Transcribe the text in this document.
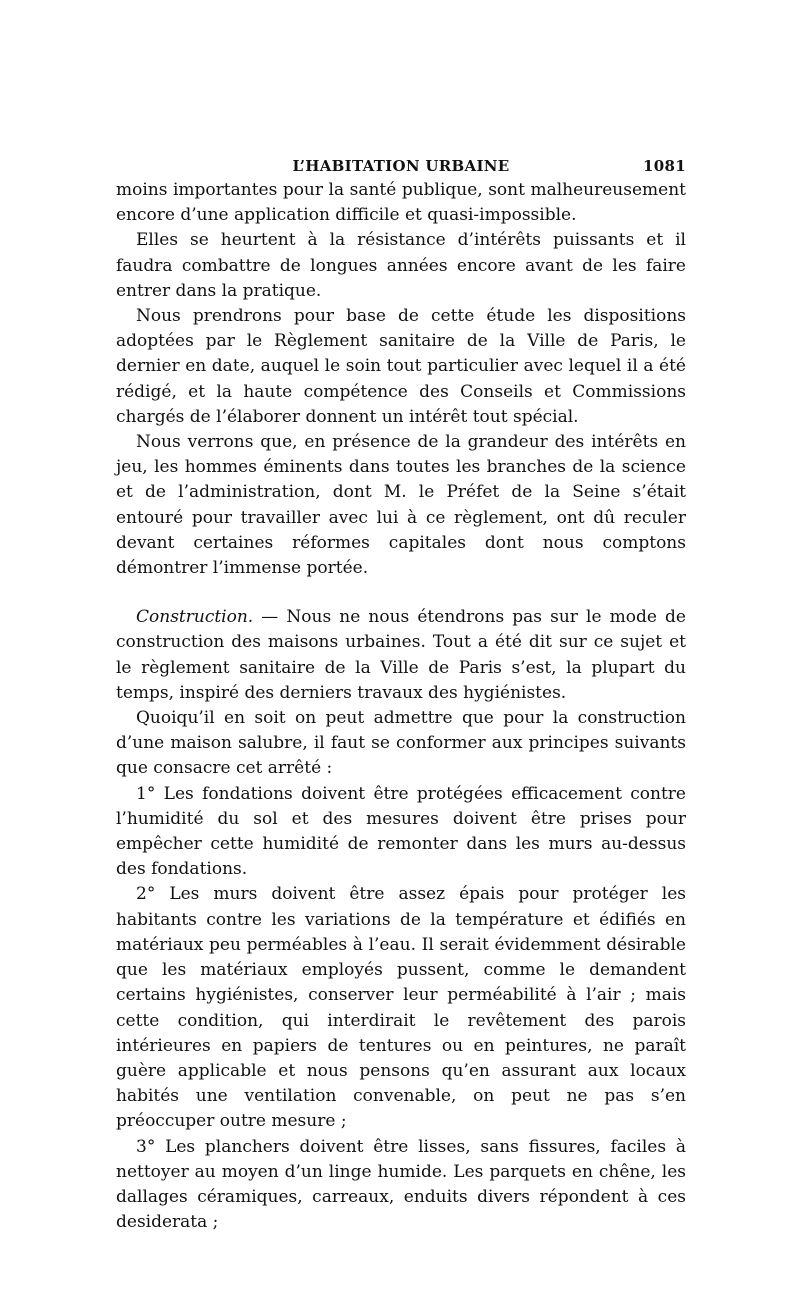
L’HABITATION URBAINE	1081

moins importantes pour la santé publique, sont malheureusement encore d’une application difficile et quasi-impossible.

Elles se heurtent à la résistance d’intérêts puissants et il faudra combattre de longues années encore avant de les faire entrer dans la pratique.

Nous prendrons pour base de cette étude les dispositions adoptées par le Règlement sanitaire de la Ville de Paris, le dernier en date, auquel le soin tout particulier avec lequel il a été rédigé, et la haute compétence des Conseils et Commissions chargés de l’élaborer donnent un intérêt tout spécial.

Nous verrons que, en présence de la grandeur des intérêts en jeu, les hommes éminents dans toutes les branches de la science et de l’administration, dont M. le Préfet de la Seine s’était entouré pour travailler avec lui à ce règlement, ont dû reculer devant certaines réformes capitales dont nous comptons démontrer l’immense portée.

Construction. — Nous ne nous étendrons pas sur le mode de construction des maisons urbaines. Tout a été dit sur ce sujet et le règlement sanitaire de la Ville de Paris s’est, la plupart du temps, inspiré des derniers travaux des hygiénistes.

Quoiqu’il en soit on peut admettre que pour la construction d’une maison salubre, il faut se conformer aux principes suivants que consacre cet arrêté :

1° Les fondations doivent être protégées efficacement contre l’humidité du sol et des mesures doivent être prises pour empêcher cette humidité de remonter dans les murs au-dessus des fondations.

2° Les murs doivent être assez épais pour protéger les habitants contre les variations de la température et édifiés en matériaux peu perméables à l’eau. Il serait évidemment désirable que les matériaux employés pussent, comme le demandent certains hygiénistes, conserver leur perméabilité à l’air ; mais cette condition, qui interdirait le revêtement des parois intérieures en papiers de tentures ou en peintures, ne paraît guère applicable et nous pensons qu’en assurant aux locaux habités une ventilation convenable, on peut ne pas s’en préoccuper outre mesure ;

3° Les planchers doivent être lisses, sans fissures, faciles à nettoyer au moyen d’un linge humide. Les parquets en chêne, les dallages céramiques, carreaux, enduits divers répondent à ces desiderata ;
